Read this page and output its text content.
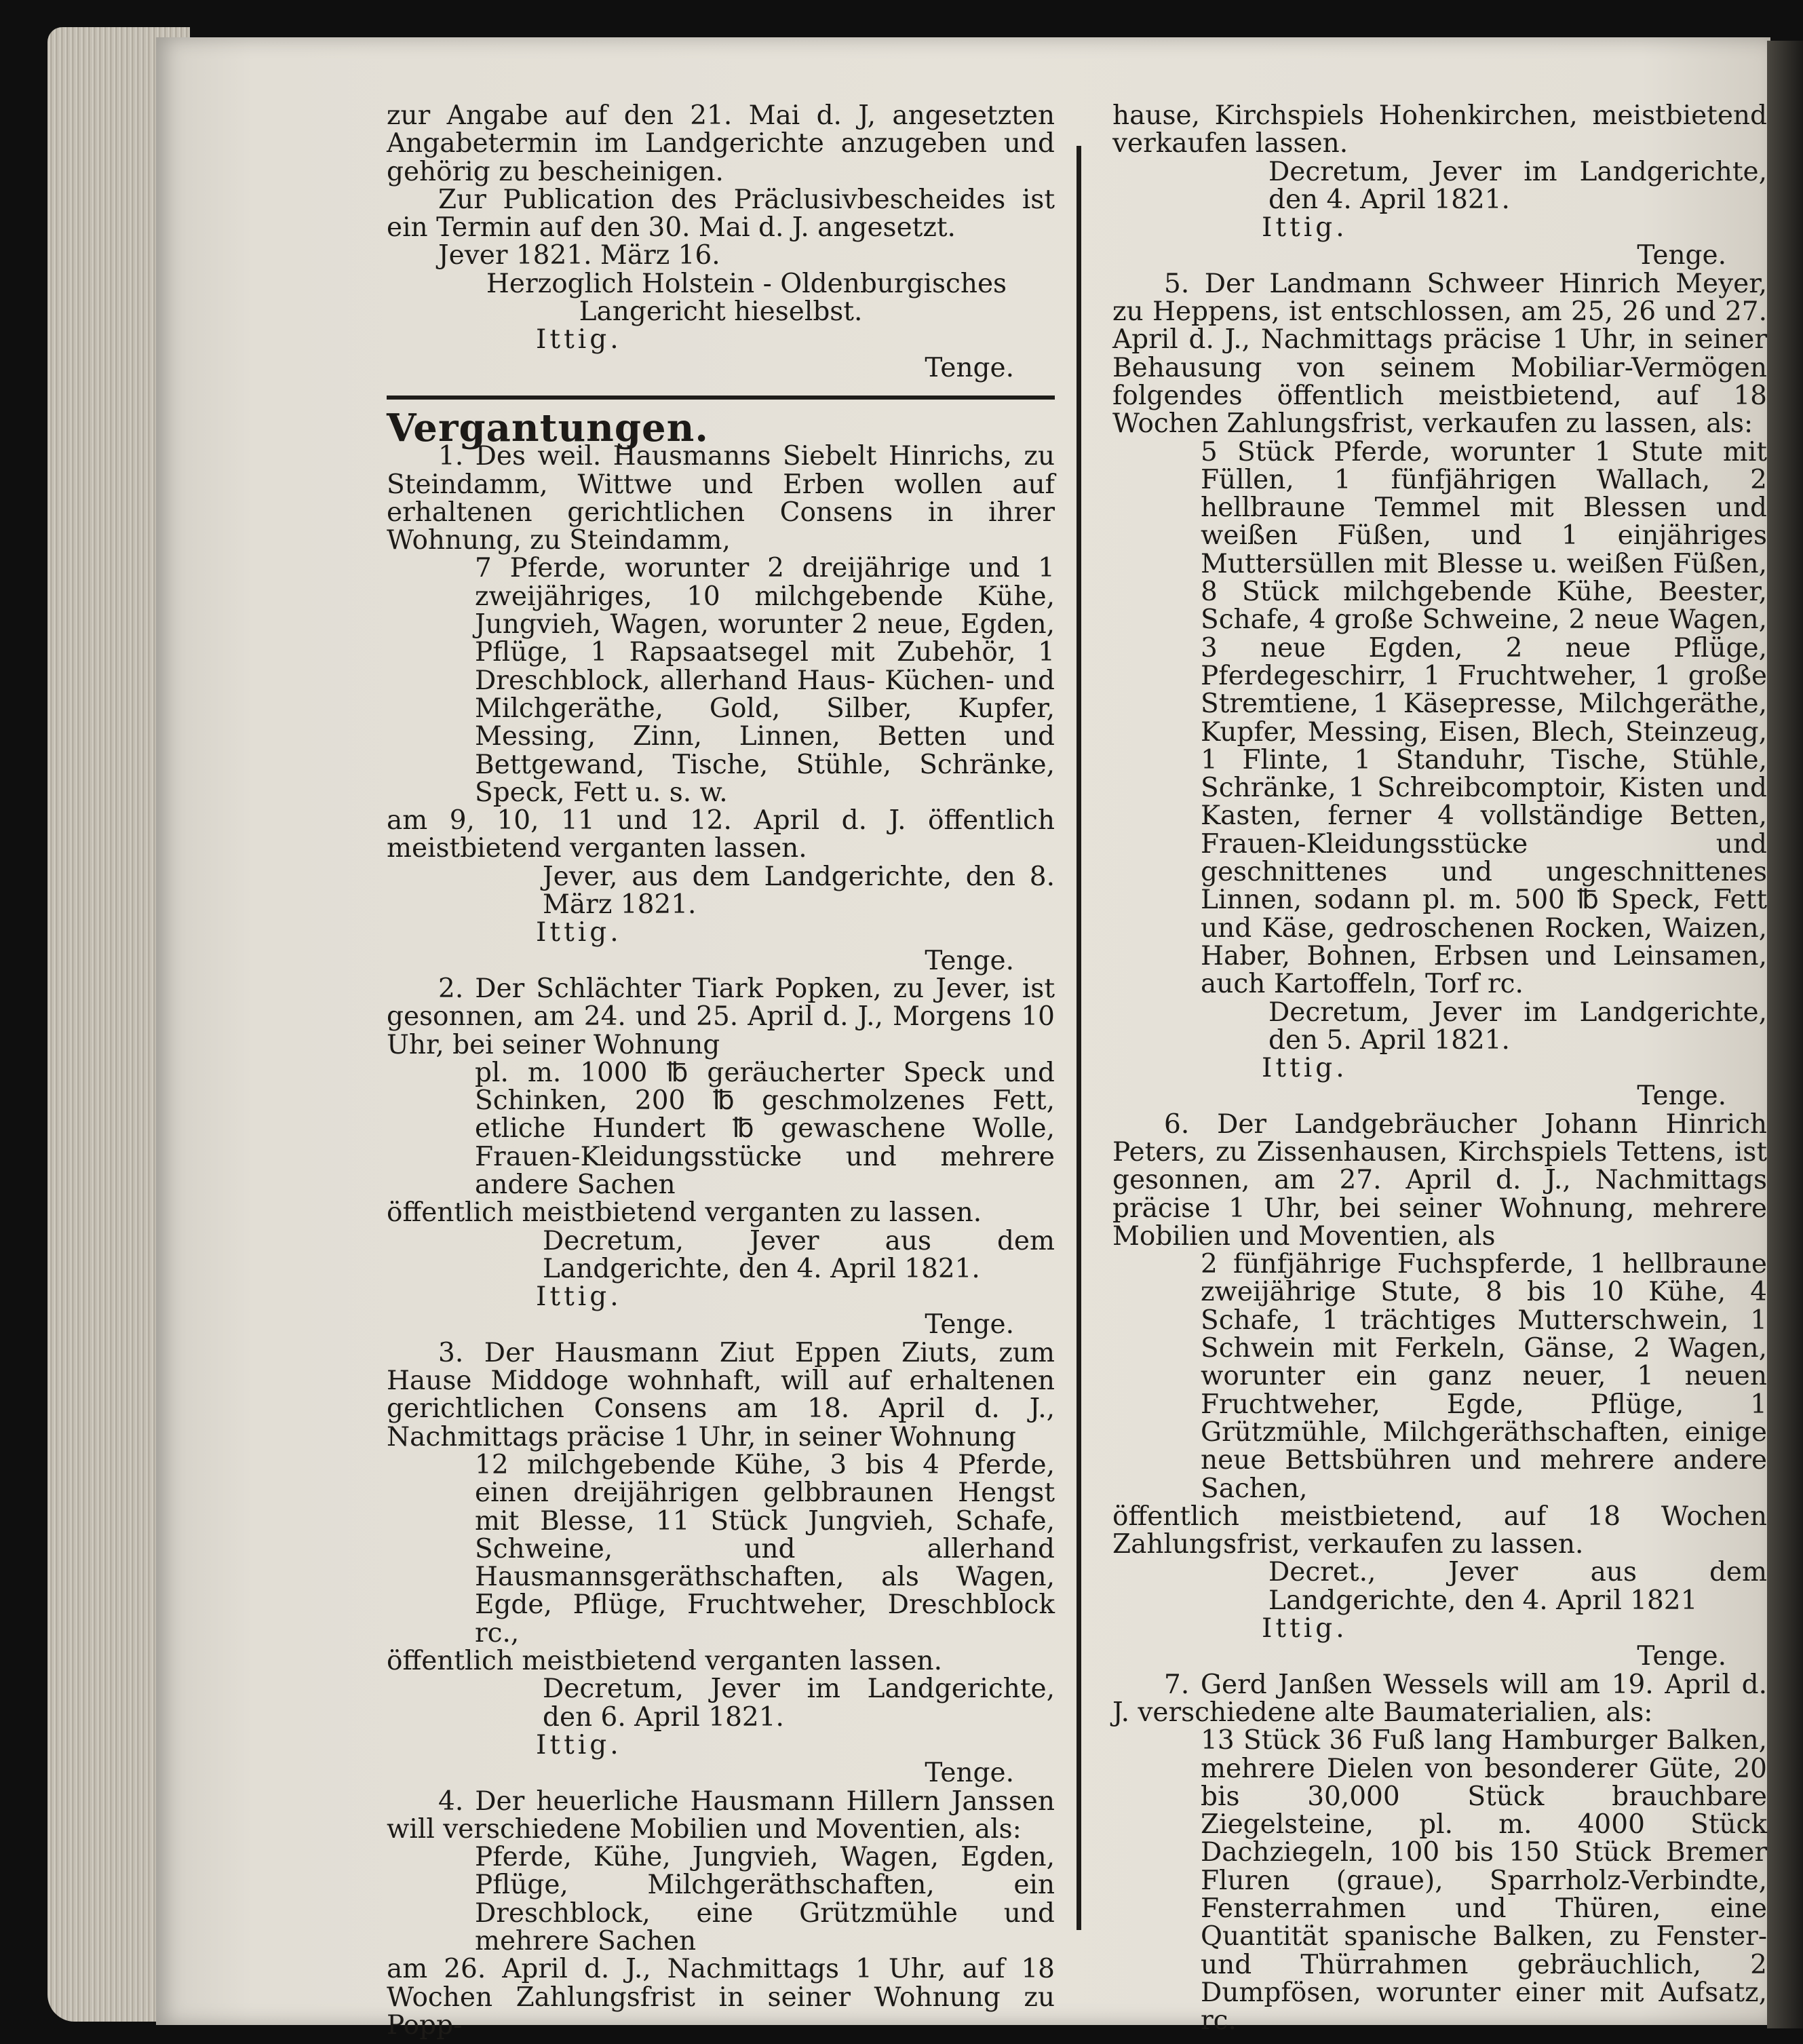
zur Angabe auf den 21. Mai d. J, angesetzten Angabetermin im Landgerichte anzugeben und gehörig zu bescheinigen.

Zur Publication des Präclusivbescheides ist ein Termin auf den 30. Mai d. J. angesetzt.

Jever 1821. März 16.

Herzoglich Holstein - Oldenburgisches Langericht hieselbst.

Ittig.

Tenge.

Vergantungen.

1. Des weil. Hausmanns Siebelt Hinrichs, zu Steindamm, Wittwe und Erben wollen auf erhaltenen gerichtlichen Consens in ihrer Wohnung, zu Steindamm,

7 Pferde, worunter 2 dreijährige und 1 zweijähriges, 10 milchgebende Kühe, Jungvieh, Wagen, worunter 2 neue, Egden, Pflüge, 1 Rapsaatsegel mit Zubehör, 1 Dreschblock, allerhand Haus- Küchen- und Milchgeräthe, Gold, Silber, Kupfer, Messing, Zinn, Linnen, Betten und Bettgewand, Tische, Stühle, Schränke, Speck, Fett u. s. w.

am 9, 10, 11 und 12. April d. J. öffentlich meistbietend verganten lassen.

Jever, aus dem Landgerichte, den 8. März 1821.

Ittig.

Tenge.

2. Der Schlächter Tiark Popken, zu Jever, ist gesonnen, am 24. und 25. April d. J., Morgens 10 Uhr, bei seiner Wohnung

pl. m. 1000 ℔ geräucherter Speck und Schinken, 200 ℔ geschmolzenes Fett, etliche Hundert ℔ gewaschene Wolle, Frauen-Kleidungsstücke und mehrere andere Sachen

öffentlich meistbietend verganten zu lassen.

Decretum, Jever aus dem Landgerichte, den 4. April 1821.

Ittig.

Tenge.

3. Der Hausmann Ziut Eppen Ziuts, zum Hause Middoge wohnhaft, will auf erhaltenen gerichtlichen Consens am 18. April d. J., Nachmittags präcise 1 Uhr, in seiner Wohnung

12 milchgebende Kühe, 3 bis 4 Pferde, einen dreijährigen gelbbraunen Hengst mit Blesse, 11 Stück Jungvieh, Schafe, Schweine, und allerhand Hausmannsgeräthschaften, als Wagen, Egde, Pflüge, Fruchtweher, Dreschblock rc.,

öffentlich meistbietend verganten lassen.

Decretum, Jever im Landgerichte, den 6. April 1821.

Ittig.

Tenge.

4. Der heuerliche Hausmann Hillern Janssen will verschiedene Mobilien und Moventien, als:

Pferde, Kühe, Jungvieh, Wagen, Egden, Pflüge, Milchgeräthschaften, ein Dreschblock, eine Grützmühle und mehrere Sachen

am 26. April d. J., Nachmittags 1 Uhr, auf 18 Wochen Zahlungsfrist in seiner Wohnung zu Popp-

hause, Kirchspiels Hohenkirchen, meistbietend verkaufen lassen.

Decretum, Jever im Landgerichte, den 4. April 1821.

Ittig.

Tenge.

5. Der Landmann Schweer Hinrich Meyer, zu Heppens, ist entschlossen, am 25, 26 und 27. April d. J., Nachmittags präcise 1 Uhr, in seiner Behausung von seinem Mobiliar-Vermögen folgendes öffentlich meistbietend, auf 18 Wochen Zahlungsfrist, verkaufen zu lassen, als:

5 Stück Pferde, worunter 1 Stute mit Füllen, 1 fünfjährigen Wallach, 2 hellbraune Temmel mit Blessen und weißen Füßen, und 1 einjähriges Muttersüllen mit Blesse u. weißen Füßen, 8 Stück milchgebende Kühe, Beester, Schafe, 4 große Schweine, 2 neue Wagen, 3 neue Egden, 2 neue Pflüge, Pferdegeschirr, 1 Fruchtweher, 1 große Stremtiene, 1 Käsepresse, Milchgeräthe, Kupfer, Messing, Eisen, Blech, Steinzeug, 1 Flinte, 1 Standuhr, Tische, Stühle, Schränke, 1 Schreibcomptoir, Kisten und Kasten, ferner 4 vollständige Betten, Frauen-Kleidungsstücke und geschnittenes und ungeschnittenes Linnen, sodann pl. m. 500 ℔ Speck, Fett und Käse, gedroschenen Rocken, Waizen, Haber, Bohnen, Erbsen und Leinsamen, auch Kartoffeln, Torf rc.

Decretum, Jever im Landgerichte, den 5. April 1821.

Ittig.

Tenge.

6. Der Landgebräucher Johann Hinrich Peters, zu Zissenhausen, Kirchspiels Tettens, ist gesonnen, am 27. April d. J., Nachmittags präcise 1 Uhr, bei seiner Wohnung, mehrere Mobilien und Moventien, als

2 fünfjährige Fuchspferde, 1 hellbraune zweijährige Stute, 8 bis 10 Kühe, 4 Schafe, 1 trächtiges Mutterschwein, 1 Schwein mit Ferkeln, Gänse, 2 Wagen, worunter ein ganz neuer, 1 neuen Fruchtweher, Egde, Pflüge, 1 Grützmühle, Milchgeräthschaften, einige neue Bettsbühren und mehrere andere Sachen,

öffentlich meistbietend, auf 18 Wochen Zahlungsfrist, verkaufen zu lassen.

Decret., Jever aus dem Landgerichte, den 4. April 1821

Ittig.

Tenge.

7. Gerd Janßen Wessels will am 19. April d. J. verschiedene alte Baumaterialien, als:

13 Stück 36 Fuß lang Hamburger Balken, mehrere Dielen von besonderer Güte, 20 bis 30,000 Stück brauchbare Ziegelsteine, pl. m. 4000 Stück Dachziegeln, 100 bis 150 Stück Bremer Fluren (graue), Sparrholz-Verbindte, Fensterrahmen und Thüren, eine Quantität spanische Balken, zu Fenster- und Thürrahmen gebräuchlich, 2 Dumpfösen, worunter einer mit Aufsatz, rc.
